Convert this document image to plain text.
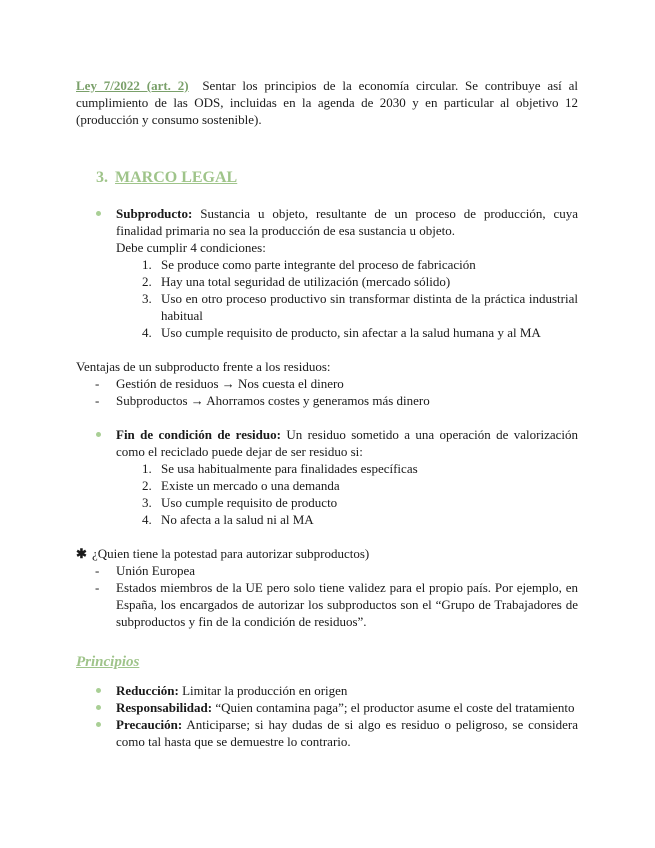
Ley 7/2022 (art. 2) Sentar los principios de la economía circular. Se contribuye así al cumplimiento de las ODS, incluidas en la agenda de 2030 y en particular al objetivo 12 (producción y consumo sostenible).

3. MARCO LEGAL

Subproducto: Sustancia u objeto, resultante de un proceso de producción, cuya finalidad primaria no sea la producción de esa sustancia u objeto.

Debe cumplir 4 condiciones:

1. Se produce como parte integrante del proceso de fabricación
2. Hay una total seguridad de utilización (mercado sólido)
3. Uso en otro proceso productivo sin transformar distinta de la práctica industrial habitual
4. Uso cumple requisito de producto, sin afectar a la salud humana y al MA

Ventajas de un subproducto frente a los residuos:

- Gestión de residuos → Nos cuesta el dinero
- Subproductos → Ahorramos costes y generamos más dinero

Fin de condición de residuo: Un residuo sometido a una operación de valorización como el reciclado puede dejar de ser residuo si:

1. Se usa habitualmente para finalidades específicas
2. Existe un mercado o una demanda
3. Uso cumple requisito de producto
4. No afecta a la salud ni al MA

✱ ¿Quien tiene la potestad para autorizar subproductos)

- Unión Europea
- Estados miembros de la UE pero solo tiene validez para el propio país. Por ejemplo, en España, los encargados de autorizar los subproductos son el “Grupo de Trabajadores de subproductos y fin de la condición de residuos”.
Principios

Reducción: Limitar la producción en origen

Responsabilidad: “Quien contamina paga”; el productor asume el coste del tratamiento

Precaución: Anticiparse; si hay dudas de si algo es residuo o peligroso, se considera como tal hasta que se demuestre lo contrario.
